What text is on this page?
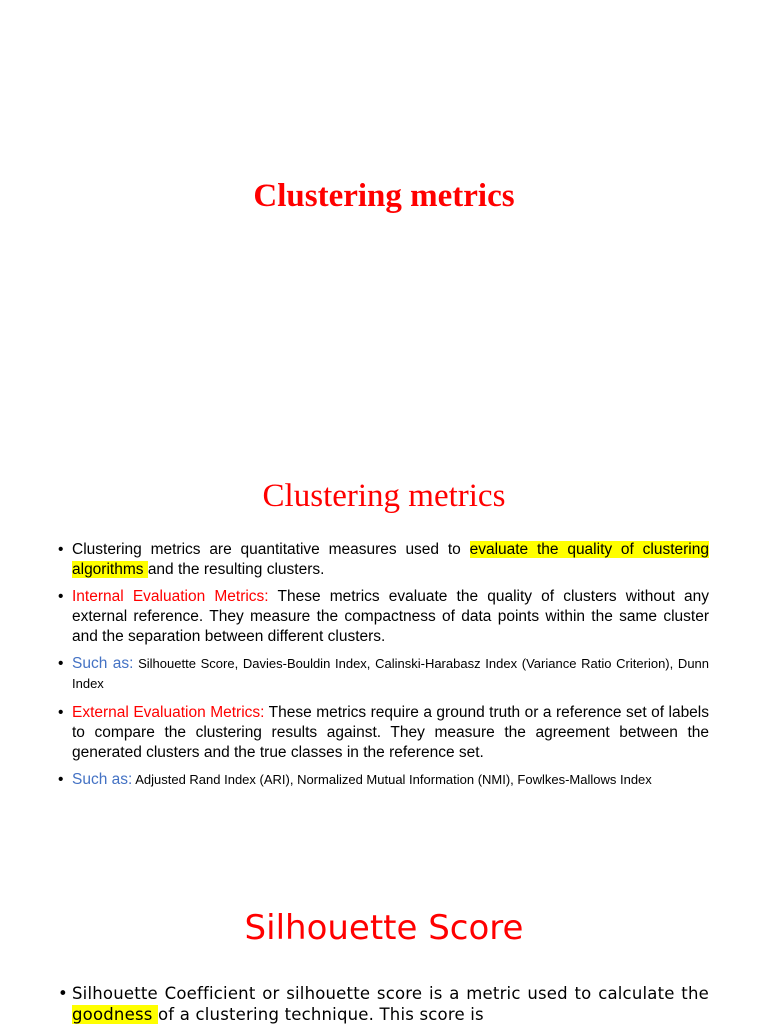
Clustering metrics
Clustering metrics
• Clustering metrics are quantitative measures used to evaluate the quality of clustering algorithms and the resulting clusters.
• Internal Evaluation Metrics: These metrics evaluate the quality of clusters without any external reference. They measure the compactness of data points within the same cluster and the separation between different clusters.
• Such as: Silhouette Score, Davies-Bouldin Index, Calinski-Harabasz Index (Variance Ratio Criterion), Dunn Index
• External Evaluation Metrics: These metrics require a ground truth or a reference set of labels to compare the clustering results against. They measure the agreement between the generated clusters and the true classes in the reference set.
• Such as: Adjusted Rand Index (ARI), Normalized Mutual Information (NMI), Fowlkes-Mallows Index
Silhouette Score
• Silhouette Coefficient or silhouette score is a metric used to calculate the goodness of a clustering technique. This score is
